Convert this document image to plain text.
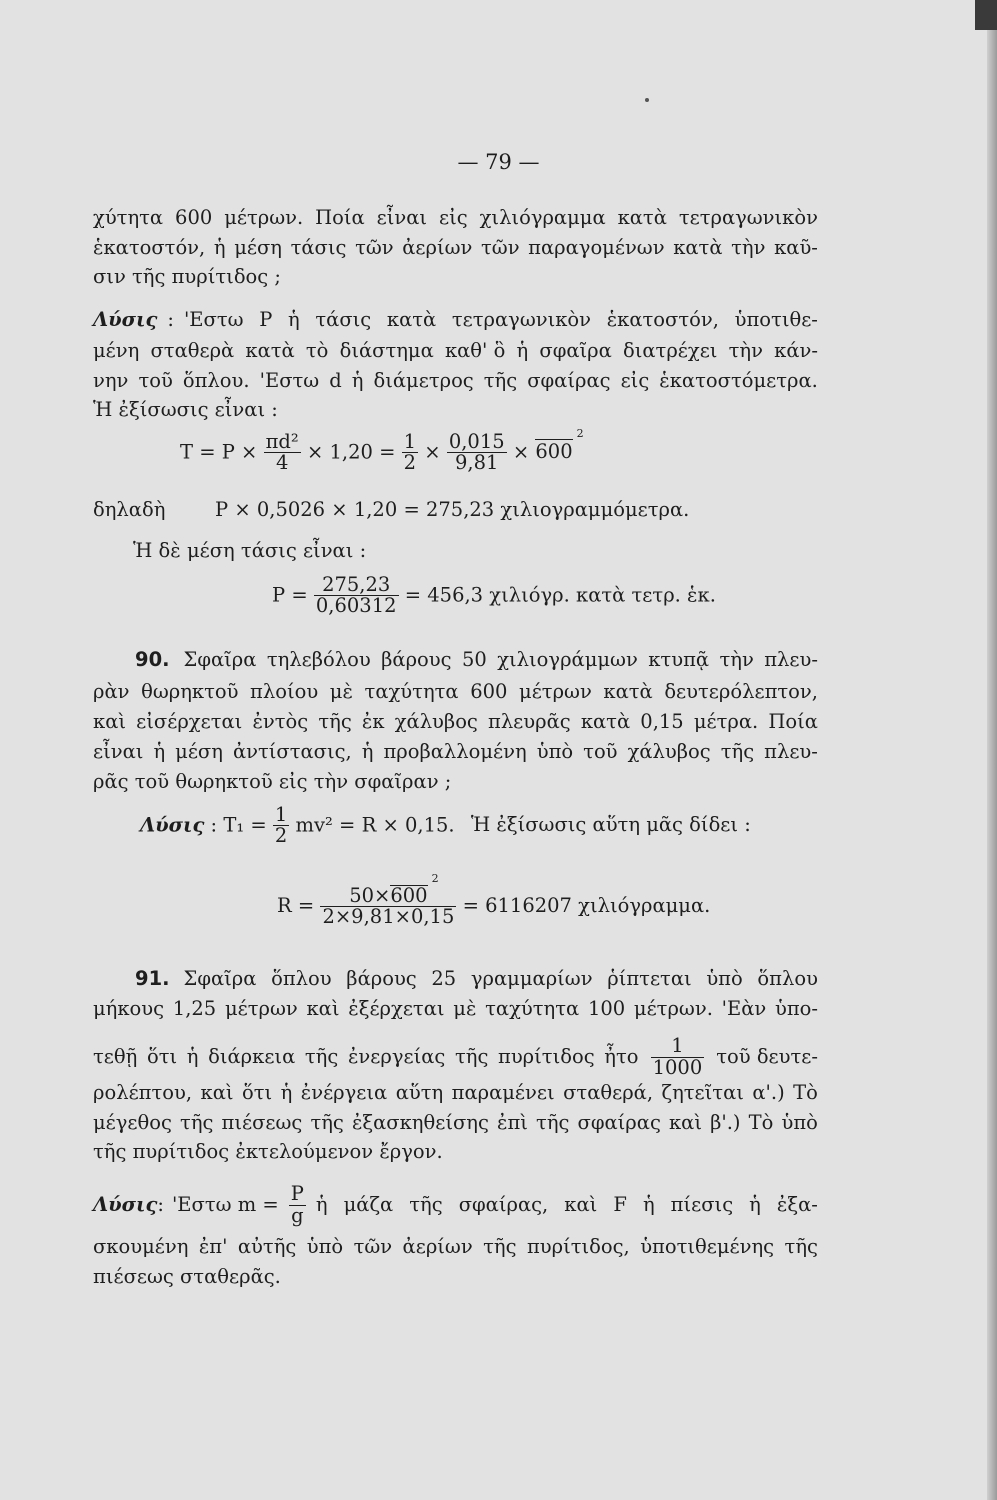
— 79 —
χύτητα 600 μέτρων. Ποία εἶναι εἰς χιλιόγραμμα κατὰ τετραγωνικὸν
ἑκατοστόν, ἡ μέση τάσις τῶν ἀερίων τῶν παραγομένων κατὰ τὴν καῦ-
σιν τῆς πυρίτιδος ;
Λύσις : 'Εστω P ἡ τάσις κατὰ τετραγωνικὸν ἑκατοστόν, ὑποτιθε-
μένη σταθερὰ κατὰ τὸ διάστημα καθ' ὃ ἡ σφαῖρα διατρέχει τὴν κάν-
νην τοῦ ὅπλου. 'Εστω d ἡ διάμετρος τῆς σφαίρας εἰς ἑκατοστόμετρα.
Ἡ ἐξίσωσις εἶναι :
$T = P \times \frac{\text{πd²}}{4} \times 1,20 = \frac{1}{2} \times \frac{0,015}{9,81} \times 600$
2
δηλαδὴ	P × 0,5026 × 1,20 = 275,23 χιλιογραμμόμετρα.
Ἡ δὲ μέση τάσις εἶναι :
$P = \frac{275,23}{0,60312} = 456,3$ χιλιόγρ. κατὰ τετρ. ἑκ.
90. Σφαῖρα τηλεβόλου βάρους 50 χιλιογράμμων κτυπᾷ τὴν πλευ-
ρὰν θωρηκτοῦ πλοίου μὲ ταχύτητα 600 μέτρων κατὰ δευτερόλεπτον,
καὶ εἰσέρχεται ἐντὸς τῆς ἐκ χάλυβος πλευρᾶς κατὰ 0,15 μέτρα. Ποία
εἶναι ἡ μέση ἀντίστασις, ἡ προβαλλομένη ὑπὸ τοῦ χάλυβος τῆς πλευ-
ρᾶς τοῦ θωρηκτοῦ εἰς τὴν σφαῖραν ;
Λύσις : $T_1 = \frac{1}{2} mv^2 = R \times 0,15$. Ἡ ἐξίσωσις αὕτη μᾶς δίδει :
R = 50×600
2
2×9,81×0,15 = 6116207 χιλιόγραμμα.
91. Σφαῖρα ὅπλου βάρους 25 γραμμαρίων ῥίπτεται ὑπὸ ὅπλου
μήκους 1,25 μέτρων καὶ ἐξέρχεται μὲ ταχύτητα 100 μέτρων. 'Εὰν ὑπο-
τεθῇ ὅτι ἡ διάρκεια τῆς ἐνεργείας τῆς πυρίτιδος ἦτο $\frac{1}{1000}$ τοῦ δευτε-
ρολέπτου, καὶ ὅτι ἡ ἐνέργεια αὕτη παραμένει σταθερά, ζητεῖται α'.) Τὸ
μέγεθος τῆς πιέσεως τῆς ἐξασκηθείσης ἐπὶ τῆς σφαίρας καὶ β'.) Τὸ ὑπὸ
τῆς πυρίτιδος ἐκτελούμενον ἔργον.
Λύσις : 'Εστω $m = \frac{P}{g}$ ἡ μάζα τῆς σφαίρας, καὶ F ἡ πίεσις ἡ ἐξα-
σκουμένη ἐπ' αὐτῆς ὑπὸ τῶν ἀερίων τῆς πυρίτιδος, ὑποτιθεμένης τῆς
πιέσεως σταθερᾶς.
